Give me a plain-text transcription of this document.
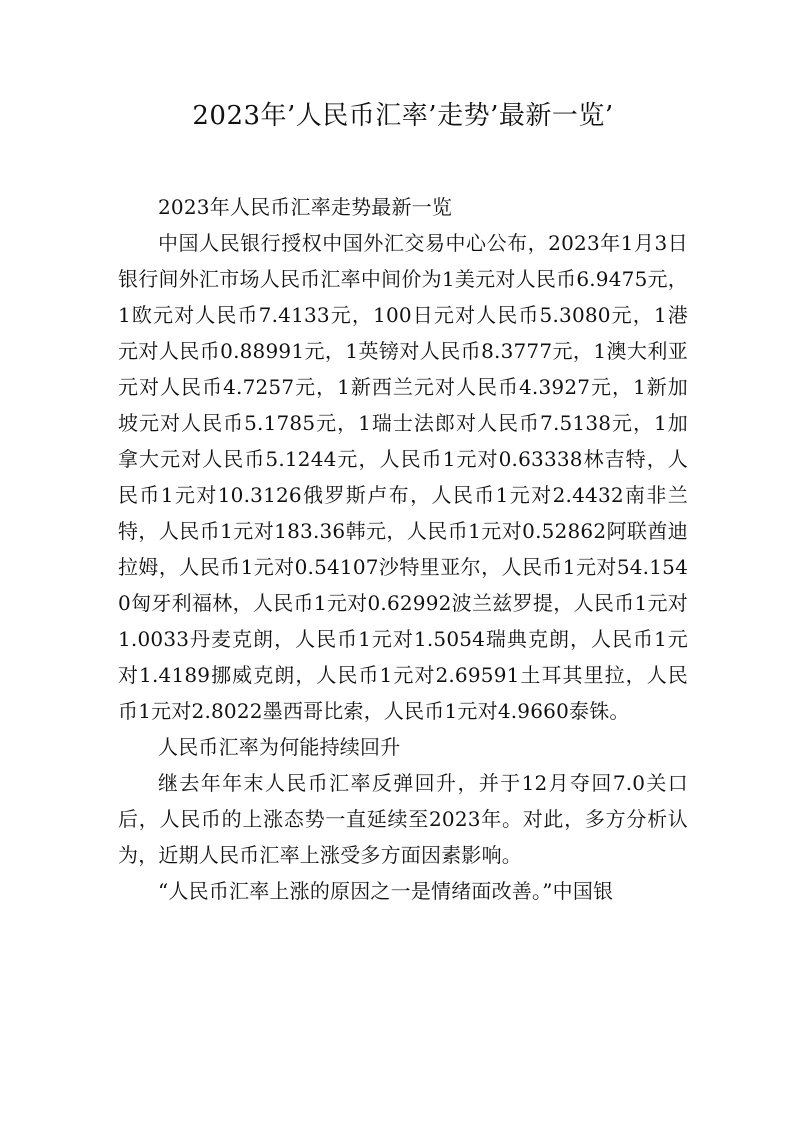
2023年’人民币汇率’走势’最新一览’

2023年人民币汇率走势最新一览

中国人民银行授权中国外汇交易中心公布，2023年1月3日银行间外汇市场人民币汇率中间价为1美元对人民币6.9475元，1欧元对人民币7.4133元，100日元对人民币5.3080元，1港元对人民币0.88991元，1英镑对人民币8.3777元，1澳大利亚元对人民币4.7257元，1新西兰元对人民币4.3927元，1新加坡元对人民币5.1785元，1瑞士法郎对人民币7.5138元，1加拿大元对人民币5.1244元，人民币1元对0.63338林吉特，人民币1元对10.3126俄罗斯卢布，人民币1元对2.4432南非兰特，人民币1元对183.36韩元，人民币1元对0.52862阿联酋迪拉姆，人民币1元对0.54107沙特里亚尔，人民币1元对54.1540匈牙利福林，人民币1元对0.62992波兰兹罗提，人民币1元对1.0033丹麦克朗，人民币1元对1.5054瑞典克朗，人民币1元对1.4189挪威克朗，人民币1元对2.69591土耳其里拉，人民币1元对2.8022墨西哥比索，人民币1元对4.9660泰铢。

人民币汇率为何能持续回升

继去年年末人民币汇率反弹回升，并于12月夺回7.0关口后，人民币的上涨态势一直延续至2023年。对此，多方分析认为，近期人民币汇率上涨受多方面因素影响。

“人民币汇率上涨的原因之一是情绪面改善。”中国银
